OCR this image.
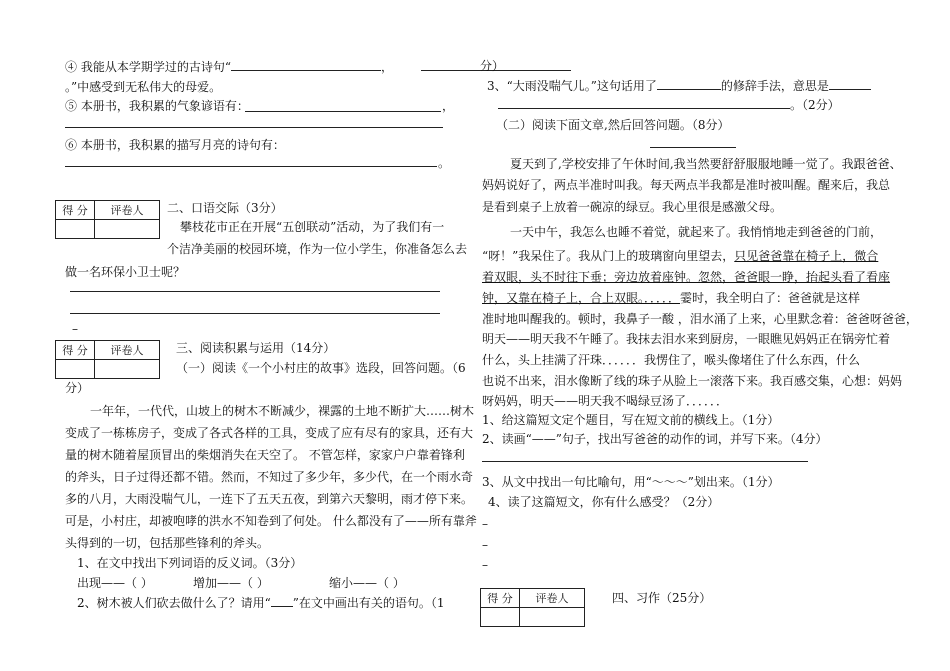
④ 我能从本学期学过的古诗句“	，
。”中感受到无私伟大的母爱。
⑤ 本册书，我积累的气象谚语有：	，
⑥ 本册书，我积累的描写月亮的诗句有：
。
得 分	评卷人
	二、口语交际（3分）
攀枝花市正在开展“五创联动”活动，为了我们有一
个洁净美丽的校园环境，作为一位小学生，你准备怎么去
做一名环保小卫士呢？
–
得 分	评卷人
		三、阅读积累与运用（14分）
（一）阅读《一个小村庄的故事》选段，回答问题。（6
分）
一年年，一代代，山坡上的树木不断减少，裸露的土地不断扩大……树木
变成了一栋栋房子，变成了各式各样的工具，变成了应有尽有的家具，还有大
量的树木随着屋顶冒出的柴烟消失在天空了。 不管怎样，家家户户靠着锋利
的斧头，日子过得还都不错。然而，不知过了多少年，多少代，在一个雨水奇
多的八月，大雨没喘气儿，一连下了五天五夜，到第六天黎明，雨才停下来。
可是，小村庄，却被咆哮的洪水不知卷到了何处。 什么都没有了——所有靠斧
头得到的一切，包括那些锋利的斧头。
1、在文中找出下列词语的反义词。（3分）
出现——（ ）	增加——（ ）	缩小——（ ）
2、树木被人们砍去做什么了？请用“ ”在文中画出有关的语句。（1
分）
3、“大雨没喘气儿。”这句话用了	的修辞手法，意思是
。（2分）
（二）阅读下面文章,然后回答问题。（8分）
夏天到了,学校安排了午休时间,我当然要舒舒服服地睡一觉了。我跟爸爸、
妈妈说好了，两点半准时叫我。每天两点半我都是准时被叫醒。醒来后，我总
是看到桌子上放着一碗凉的绿豆。我心里很是感激父母。
一天中午，我怎么也睡不着觉，就起来了。我悄悄地走到爸爸的门前，
“呀！”我呆住了。我从门上的玻璃窗向里望去，只见爸爸靠在椅子上，微合
着双眼，头不时往下垂；旁边放着座钟。忽然，爸爸眼一睁，抬起头看了看座
钟，又靠在椅子上，合上双眼。．．．．．霎时，我全明白了：爸爸就是这样
准时地叫醒我的。顿时，我鼻子一酸 ，泪水涌了上来，心里默念着：爸爸呀爸爸，
明天——明天我不午睡了。我抹去泪水来到厨房，一眼瞧见妈妈正在锅旁忙着
什么，头上挂满了汗珠．．．．．．我愣住了，喉头像堵住了什么东西，什么
也说不出来，泪水像断了线的珠子从脸上一滚落下来。我百感交集，心想：妈妈
呀妈妈，明天——明天我不喝绿豆汤了．．．．．．
1、给这篇短文定个题目，写在短文前的横线上。（1分）
2、读画“——”句子，找出写爸爸的动作的词，并写下来。（4分）
3、从文中找出一句比喻句，用“～～～”划出来。（1分）
4、读了这篇短文，你有什么感受？（2分）
–
–
–
得 分	评卷人
		四、习作（25分）
